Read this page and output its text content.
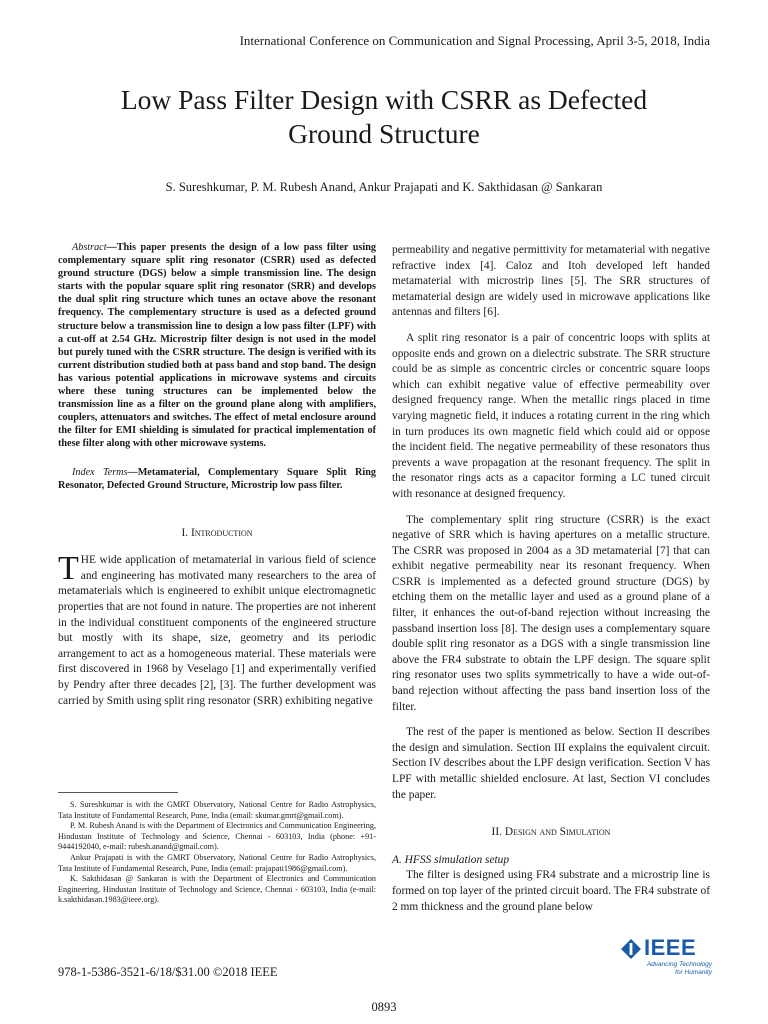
International Conference on Communication and Signal Processing, April 3-5, 2018, India
Low Pass Filter Design with CSRR as Defected
Ground Structure
S. Sureshkumar, P. M. Rubesh Anand, Ankur Prajapati and K. Sakthidasan @ Sankaran

Abstract—This paper presents the design of a low pass filter using complementary square split ring resonator (CSRR) used as defected ground structure (DGS) below a simple transmission line. The design starts with the popular square split ring resonator (SRR) and develops the dual split ring structure which tunes an octave above the resonant frequency. The complementary structure is used as a defected ground structure below a transmission line to design a low pass filter (LPF) with a cut-off at 2.54 GHz. Microstrip filter design is not used in the model but purely tuned with the CSRR structure. The design is verified with its current distribution studied both at pass band and stop band. The design has various potential applications in microwave systems and circuits where these tuning structures can be implemented below the transmission line as a filter on the ground plane along with amplifiers, couplers, attenuators and switches. The effect of metal enclosure around the filter for EMI shielding is simulated for practical implementation of these filter along with other microwave systems.

Index Terms—Metamaterial, Complementary Square Split Ring Resonator, Defected Ground Structure, Microstrip low pass filter.

I. Introduction

THE wide application of metamaterial in various field of science and engineering has motivated many researchers to the area of metamaterials which is engineered to exhibit unique electromagnetic properties that are not found in nature. The properties are not inherent in the individual constituent components of the engineered structure but mostly with its shape, size, geometry and its periodic arrangement to act as a homogeneous material. These materials were first discovered in 1968 by Veselago [1] and experimentally verified by Pendry after three decades [2], [3]. The further development was carried by Smith using split ring resonator (SRR) exhibiting negative

S. Sureshkumar is with the GMRT Observatory, National Centre for Radio Astrophysics, Tata Institute of Fundamental Research, Pune, India (email: skumar.gmrt@gmail.com).

P. M. Rubesh Anand is with the Department of Electronics and Communication Engineering, Hindustan Institute of Technology and Science, Chennai - 603103, India (phone: +91-9444192040, e-mail: rubesh.anand@gmail.com).

Ankur Prajapati is with the GMRT Observatory, National Centre for Radio Astrophysics, Tata Institute of Fundamental Research, Pune, India (email: prajapati1986@gmail.com).

K. Sakthidasan @ Sankaran is with the Department of Electronics and Communication Engineering, Hindustan Institute of Technology and Science, Chennai - 603103, India (e-mail: k.sakthidasan.1983@ieee.org).

permeability and negative permittivity for metamaterial with negative refractive index [4]. Caloz and Itoh developed left handed metamaterial with microstrip lines [5]. The SRR structures of metamaterial design are widely used in microwave applications like antennas and filters [6].

A split ring resonator is a pair of concentric loops with splits at opposite ends and grown on a dielectric substrate. The SRR structure could be as simple as concentric circles or concentric square loops which can exhibit negative value of effective permeability over designed frequency range. When the metallic rings placed in time varying magnetic field, it induces a rotating current in the ring which in turn produces its own magnetic field which could aid or oppose the incident field. The negative permeability of these resonators thus prevents a wave propagation at the resonant frequency. The split in the resonator rings acts as a capacitor forming a LC tuned circuit with resonance at designed frequency.

The complementary split ring structure (CSRR) is the exact negative of SRR which is having apertures on a metallic structure. The CSRR was proposed in 2004 as a 3D metamaterial [7] that can exhibit negative permeability near its resonant frequency. When CSRR is implemented as a defected ground structure (DGS) by etching them on the metallic layer and used as a ground plane of a filter, it enhances the out-of-band rejection without increasing the passband insertion loss [8]. The design uses a complementary square double split ring resonator as a DGS with a single transmission line above the FR4 substrate to obtain the LPF design. The square split ring resonator uses two splits symmetrically to have a wide out-of-band rejection without affecting the pass band insertion loss of the filter.

The rest of the paper is mentioned as below. Section II describes the design and simulation. Section III explains the equivalent circuit. Section IV describes about the LPF design verification. Section V has LPF with metallic shielded enclosure. At last, Section VI concludes the paper.

II. Design and Simulation

A. HFSS simulation setup

The filter is designed using FR4 substrate and a microstrip line is formed on top layer of the printed circuit board. The FR4 substrate of 2 mm thickness and the ground plane below

978-1-5386-3521-6/18/$31.00 ©2018 IEEE
IEEE
Advancing Technology
for Humanity
0893
